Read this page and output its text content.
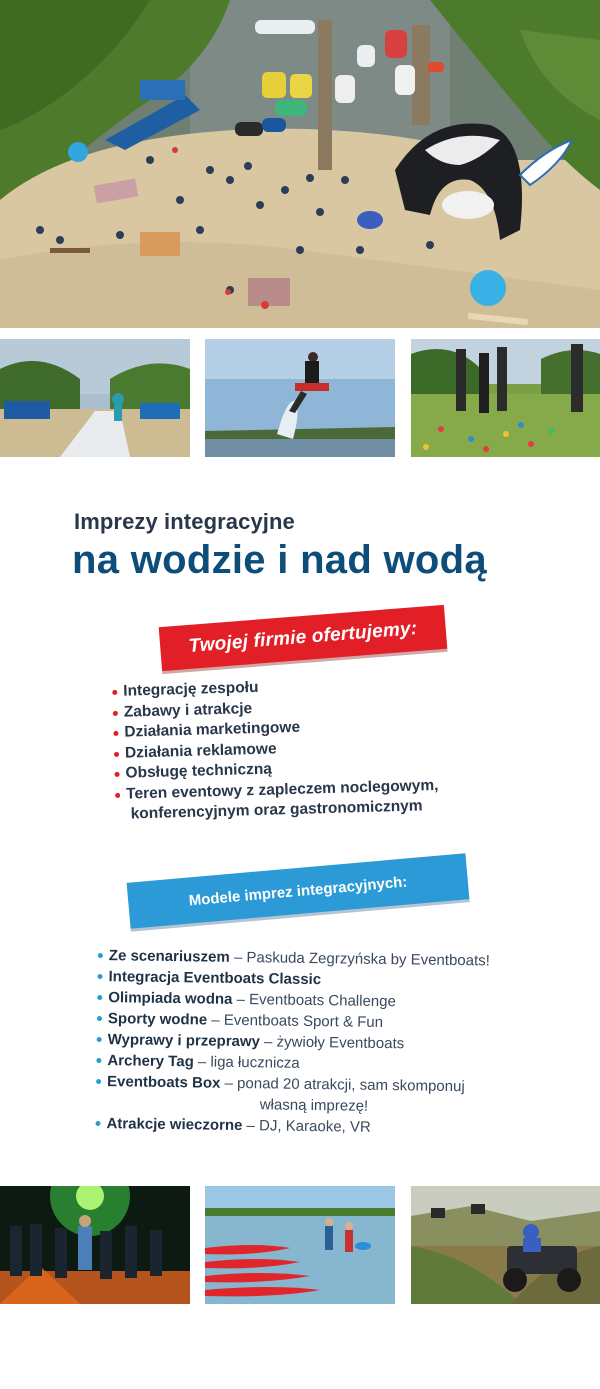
Imprezy integracyjne
na wodzie i nad wodą
Twojej firmie ofertujemy:
Integrację zespołu
Zabawy i atrakcje
Działania marketingowe
Działania reklamowe
Obsługę techniczną
Teren eventowy z zapleczem noclegowym,
konferencyjnym oraz gastronomicznym
Modele imprez integracyjnych:
Ze scenariuszem – Paskuda Zegrzyńska by Eventboats!
Integracja Eventboats Classic
Olimpiada wodna – Eventboats Challenge
Sporty wodne – Eventboats Sport & Fun
Wyprawy i przeprawy – żywioły Eventboats
Archery Tag – liga łucznicza
Eventboats Box – ponad 20 atrakcji, sam skomponuj
własną imprezę!
Atrakcje wieczorne – DJ, Karaoke, VR
